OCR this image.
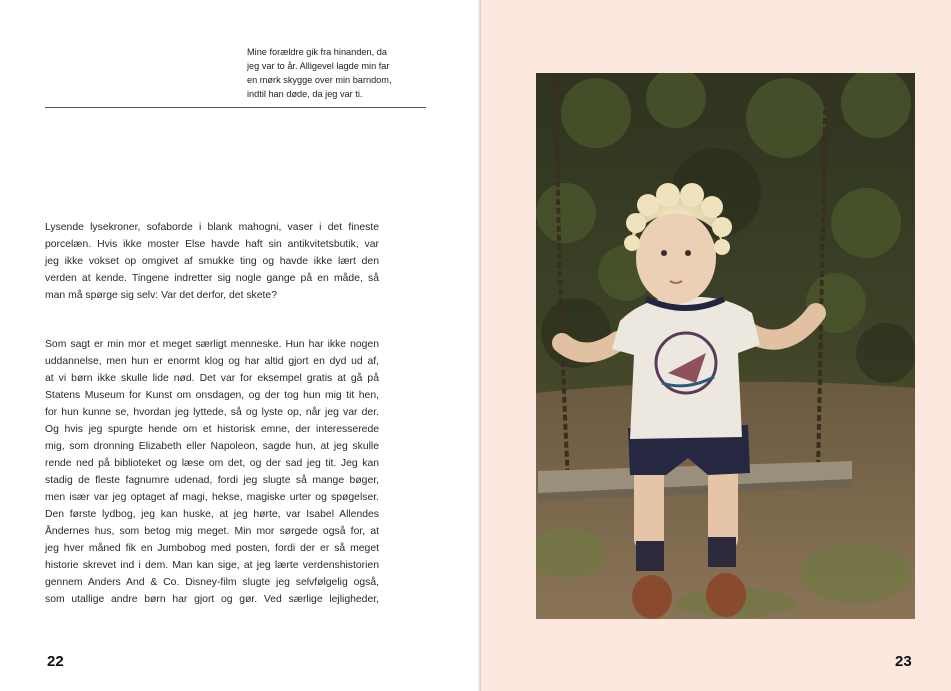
Mine forældre gik fra hinanden, da
jeg var to år. Alligevel lagde min far
en mørk skygge over min barndom,
indtil han døde, da jeg var ti.
Lysende lysekroner, sofaborde i blank mahogni, vaser i det fineste
porcelæn. Hvis ikke moster Else havde haft sin antikvitetsbutik, var
jeg ikke vokset op omgivet af smukke ting og havde ikke lært den
verden at kende. Tingene indretter sig nogle gange på en måde, så
man må spørge sig selv: Var det derfor, det skete?
Som sagt er min mor et meget særligt menneske. Hun har ikke nogen
uddannelse, men hun er enormt klog og har altid gjort en dyd ud af,
at vi børn ikke skulle lide nød. Det var for eksempel gratis at gå på
Statens Museum for Kunst om onsdagen, og der tog hun mig tit hen,
for hun kunne se, hvordan jeg lyttede, så og lyste op, når jeg var der.
Og hvis jeg spurgte hende om et historisk emne, der interesserede
mig, som dronning Elizabeth eller Napoleon, sagde hun, at jeg skulle
rende ned på biblioteket og læse om det, og der sad jeg tit. Jeg kan
stadig de fleste fagnumre udenad, fordi jeg slugte så mange bøger,
men især var jeg optaget af magi, hekse, magiske urter og spøgelser.
Den første lydbog, jeg kan huske, at jeg hørte, var Isabel Allendes
Åndernes hus, som betog mig meget. Min mor sørgede også for, at
jeg hver måned fik en Jumbobog med posten, fordi der er så meget
historie skrevet ind i dem. Man kan sige, at jeg lærte verdenshistorien
gennem Anders And & Co. Disney-film slugte jeg selvfølgelig også,
som utallige andre børn har gjort og gør. Ved særlige lejligheder,
22	23
